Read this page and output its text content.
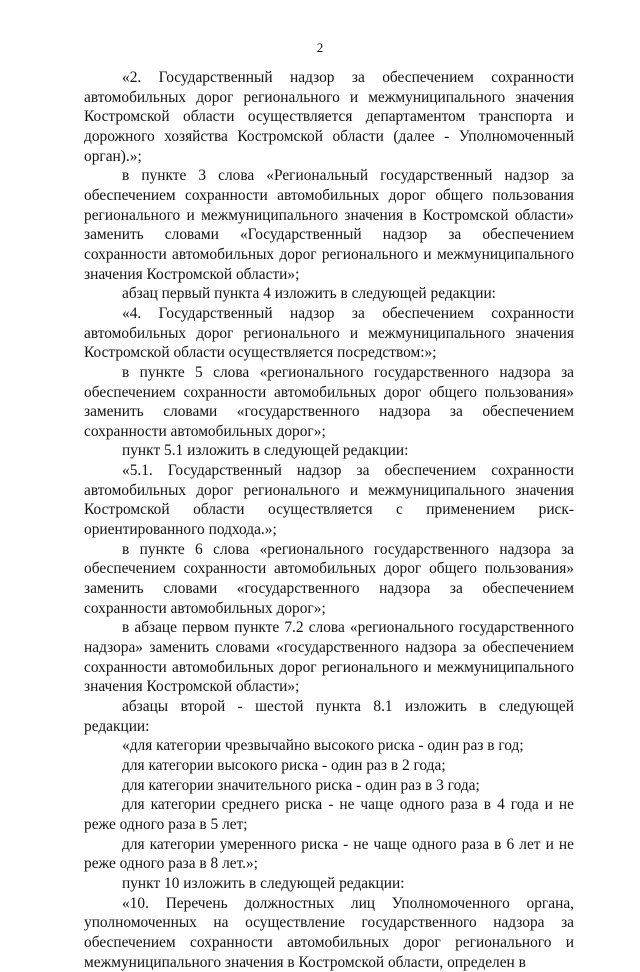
2

«2. Государственный надзор за обеспечением сохранности автомобильных дорог регионального и межмуниципального значения Костромской области осуществляется департаментом транспорта и дорожного хозяйства Костромской области (далее - Уполномоченный орган).»;

в пункте 3 слова «Региональный государственный надзор за обеспечением сохранности автомобильных дорог общего пользования регионального и межмуниципального значения в Костромской области» заменить словами «Государственный надзор за обеспечением сохранности автомобильных дорог регионального и межмуниципального значения Костромской области»;

абзац первый пункта 4 изложить в следующей редакции:

«4. Государственный надзор за обеспечением сохранности автомобильных дорог регионального и межмуниципального значения Костромской области осуществляется посредством:»;

в пункте 5 слова «регионального государственного надзора за обеспечением сохранности автомобильных дорог общего пользования» заменить словами «государственного надзора за обеспечением сохранности автомобильных дорог»;

пункт 5.1 изложить в следующей редакции:

«5.1. Государственный надзор за обеспечением сохранности автомобильных дорог регионального и межмуниципального значения Костромской области осуществляется с применением риск-ориентированного подхода.»;

в пункте 6 слова «регионального государственного надзора за обеспечением сохранности автомобильных дорог общего пользования» заменить словами «государственного надзора за обеспечением сохранности автомобильных дорог»;

в абзаце первом пункте 7.2 слова «регионального государственного надзора» заменить словами «государственного надзора за обеспечением сохранности автомобильных дорог регионального и межмуниципального значения Костромской области»;

абзацы второй - шестой пункта 8.1 изложить в следующей редакции:

«для категории чрезвычайно высокого риска - один раз в год;

для категории высокого риска - один раз в 2 года;

для категории значительного риска - один раз в 3 года;

для категории среднего риска - не чаще одного раза в 4 года и не реже одного раза в 5 лет;

для категории умеренного риска - не чаще одного раза в 6 лет и не реже одного раза в 8 лет.»;

пункт 10 изложить в следующей редакции:

«10. Перечень должностных лиц Уполномоченного органа, уполномоченных на осуществление государственного надзора за обеспечением сохранности автомобильных дорог регионального и межмуниципального значения в Костромской области, определен в
